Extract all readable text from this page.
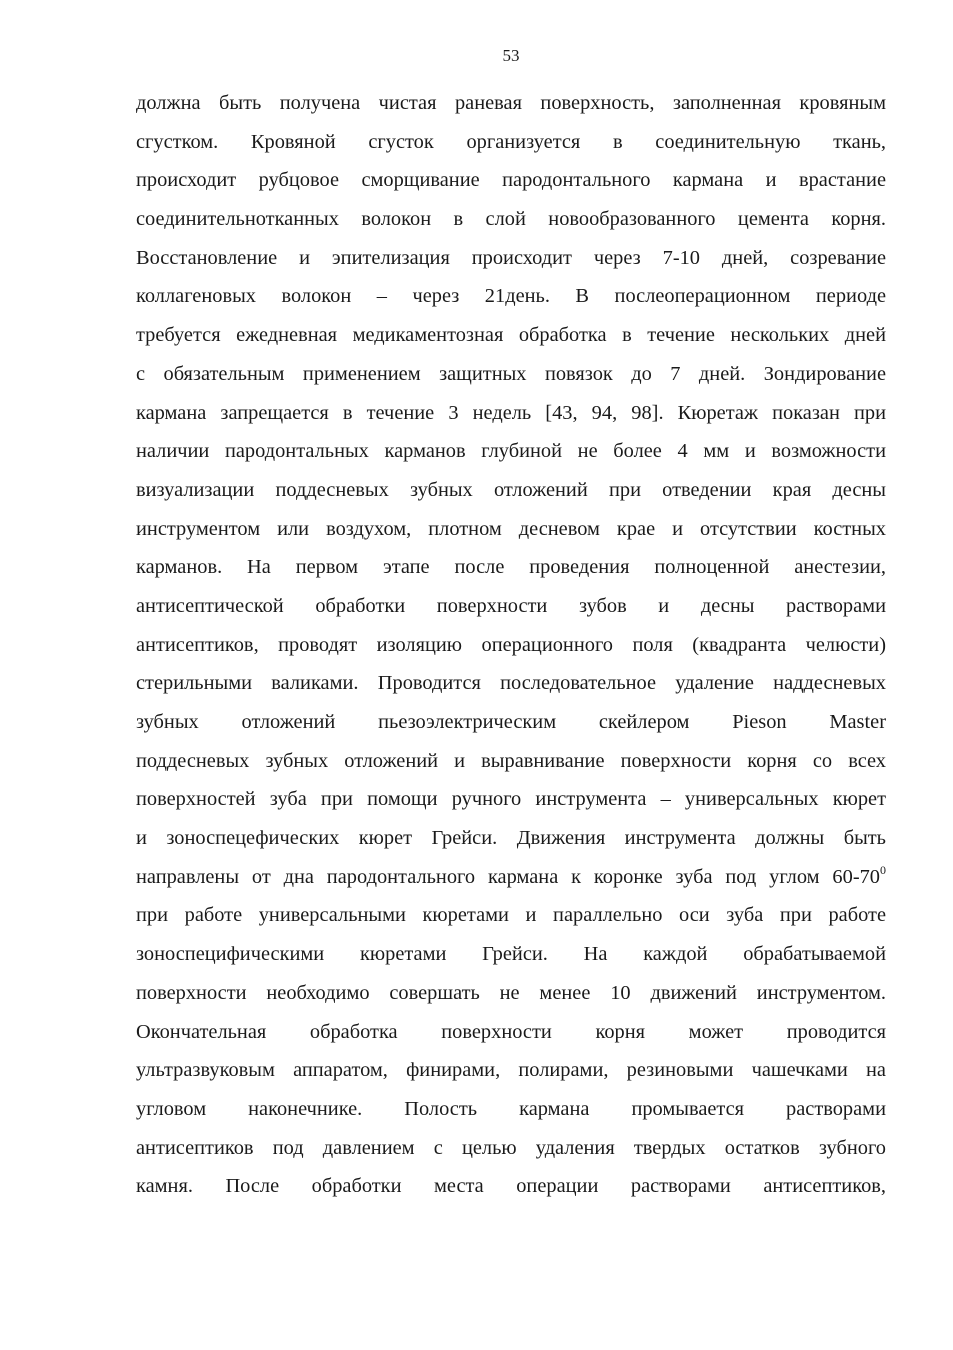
53
должна быть получена чистая раневая поверхность, заполненная кровяным
сгустком. Кровяной сгусток организуется в соединительную ткань,
происходит рубцовое сморщивание пародонтального кармана и врастание
соединительнотканных волокон в слой новообразованного цемента корня.
Восстановление и эпителизация происходит через 7-10 дней, созревание
коллагеновых волокон – через 21день. В послеоперационном периоде
требуется ежедневная медикаментозная обработка в течение нескольких дней
с обязательным применением защитных повязок до 7 дней. Зондирование
кармана запрещается в течение 3 недель [43, 94, 98]. Кюретаж показан при
наличии пародонтальных карманов глубиной не более 4 мм и возможности
визуализации поддесневых зубных отложений при отведении края десны
инструментом или воздухом, плотном десневом крае и отсутствии костных
карманов. На первом этапе после проведения полноценной анестезии,
антисептической обработки поверхности зубов и десны растворами
антисептиков, проводят изоляцию операционного поля (квадранта челюсти)
стерильными валиками. Проводится последовательное удаление наддесневых
зубных отложений пьезоэлектрическим скейлером Pieson Master
поддесневых зубных отложений и выравнивание поверхности корня со всех
поверхностей зуба при помощи ручного инструмента – универсальных кюрет
и зоноспецефических кюрет Грейси. Движения инструмента должны быть
направлены от дна пародонтального кармана к коронке зуба под углом $60-70^0$
при работе универсальными кюретами и параллельно оси зуба при работе
зоноспецифическими кюретами Грейси. На каждой обрабатываемой
поверхности необходимо совершать не менее 10 движений инструментом.
Окончательная обработка поверхности корня может проводится
ультразвуковым аппаратом, финирами, полирами, резиновыми чашечками на
угловом наконечнике. Полость кармана промывается растворами
антисептиков под давлением с целью удаления твердых остатков зубного
камня. После обработки места операции растворами антисептиков,
